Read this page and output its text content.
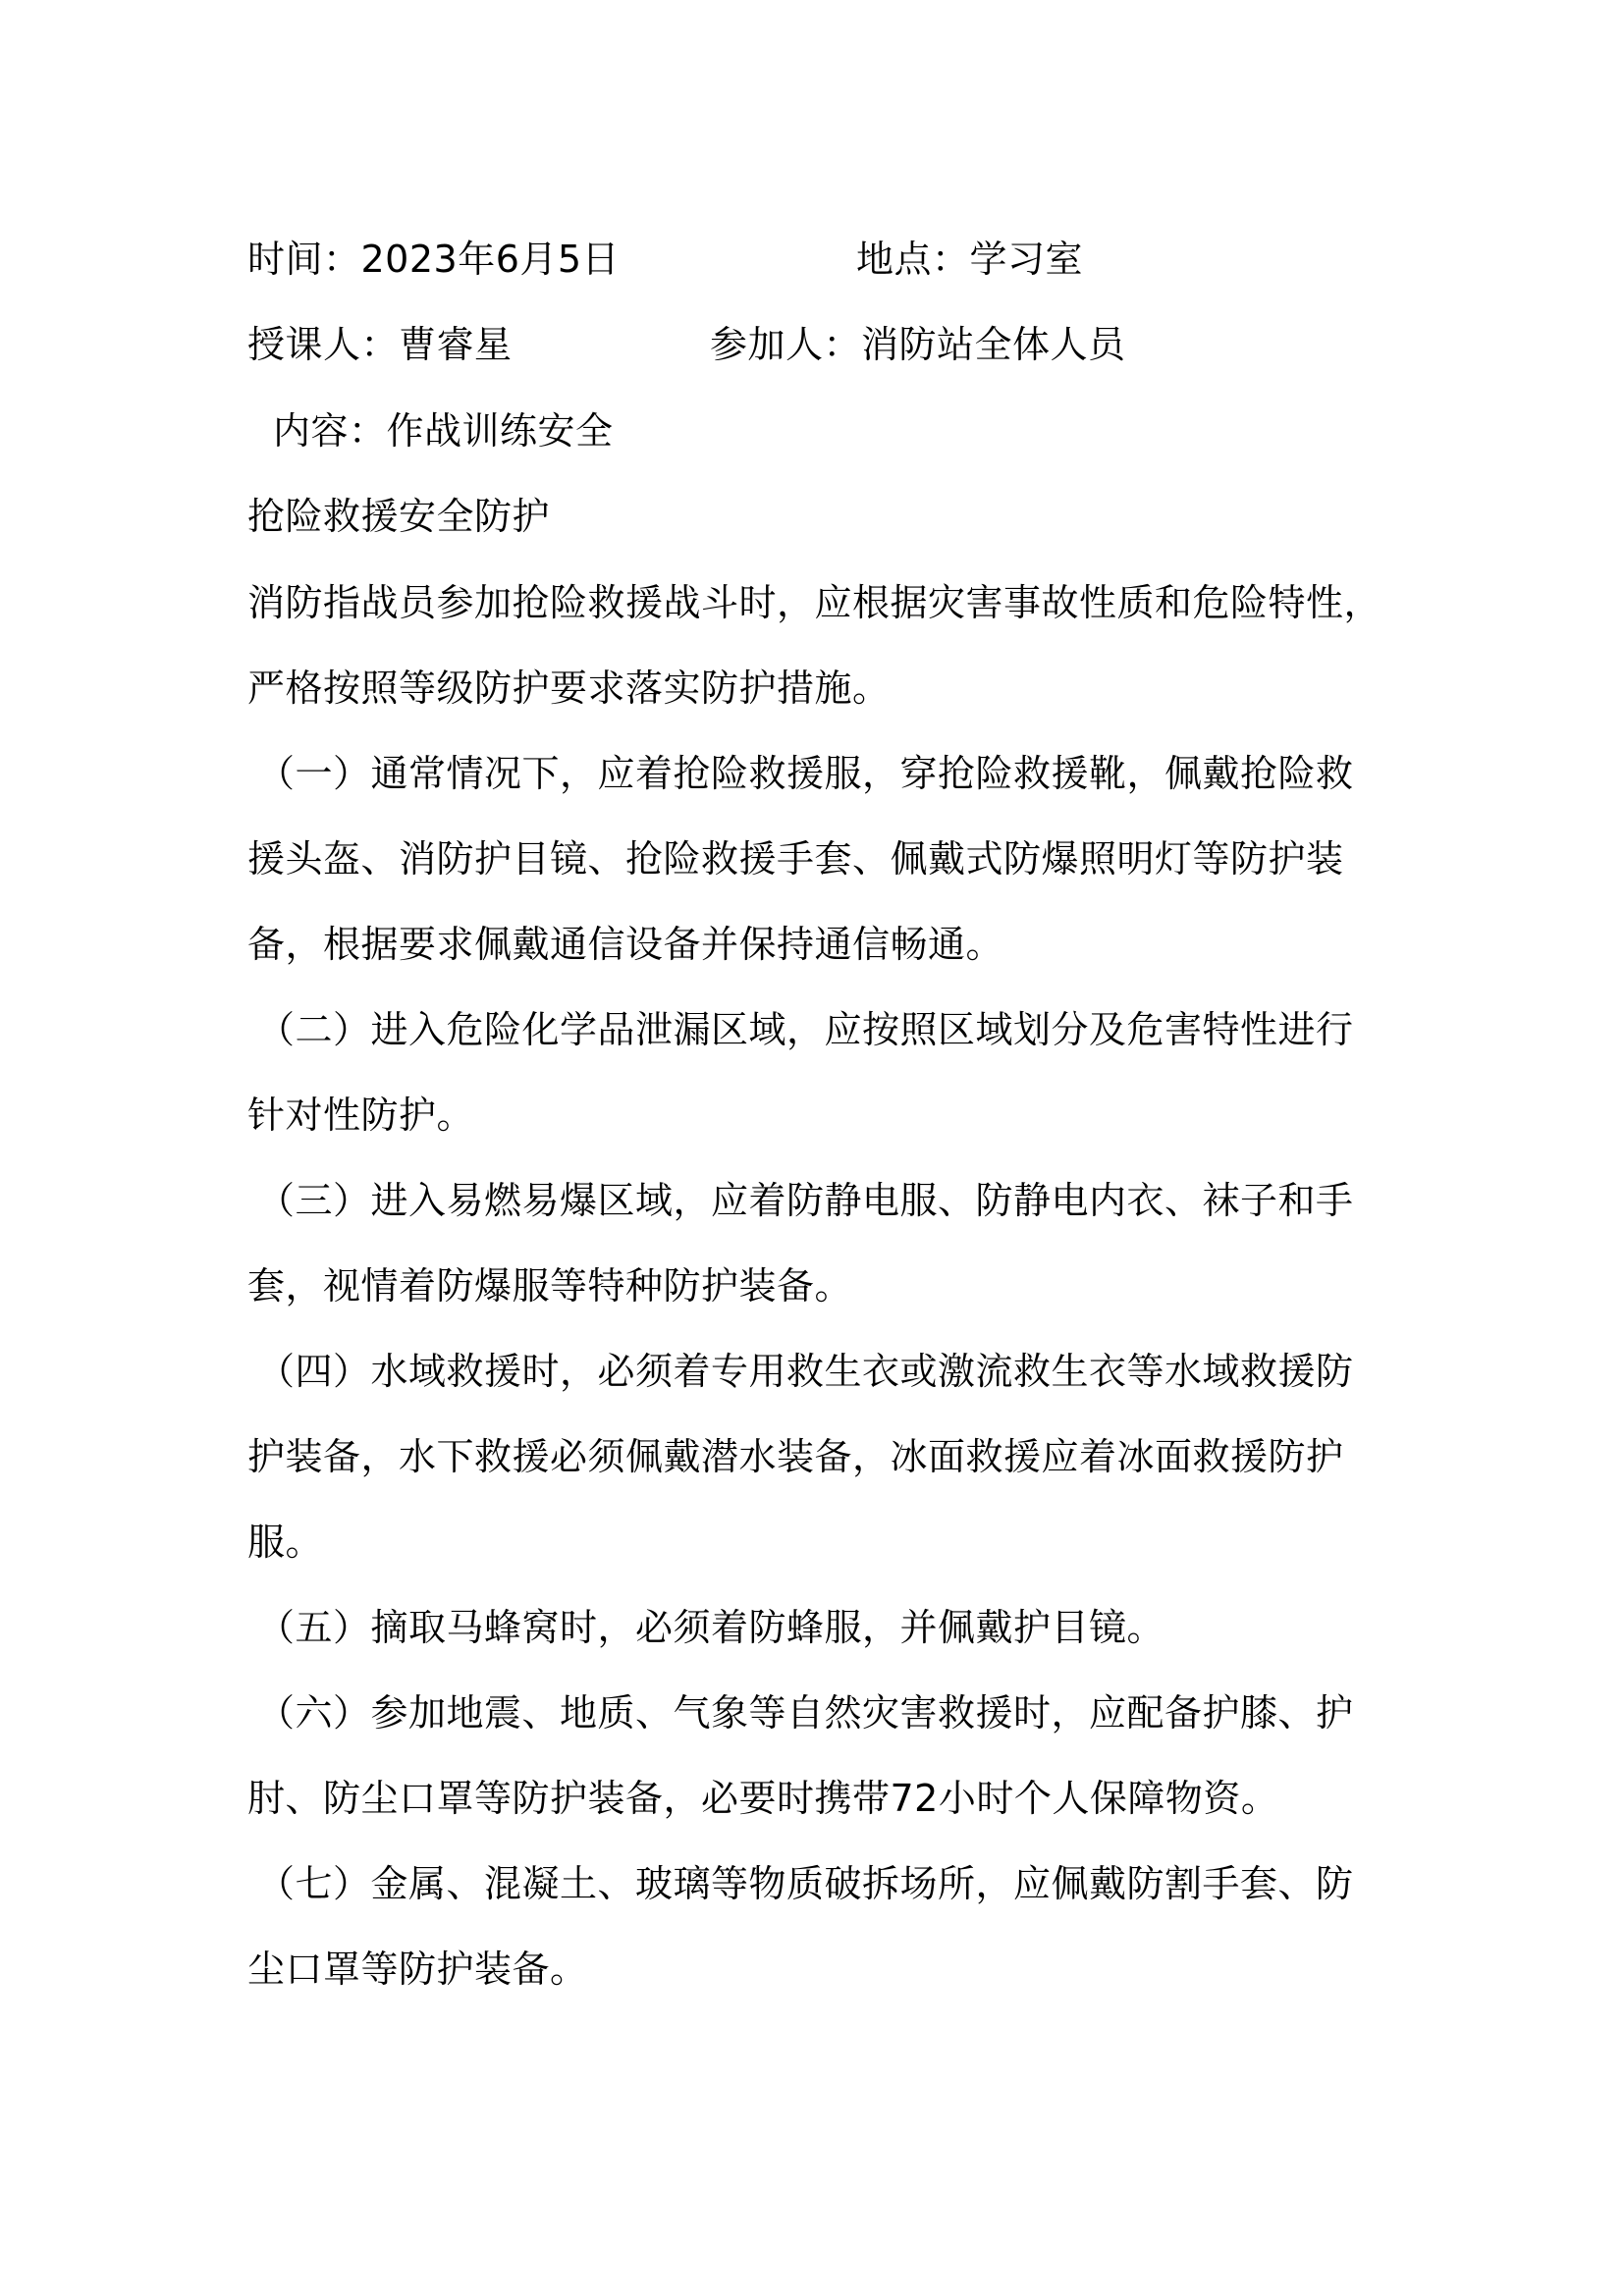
时间：2023年6月5日	地点：学习室
授课人：曹睿星	参加人：消防站全体人员
内容：作战训练安全
抢险救援安全防护
消防指战员参加抢险救援战斗时，应根据灾害事故性质和危险特性，
严格按照等级防护要求落实防护措施。
（一）通常情况下，应着抢险救援服，穿抢险救援靴，佩戴抢险救
援头盔、消防护目镜、抢险救援手套、佩戴式防爆照明灯等防护装
备，根据要求佩戴通信设备并保持通信畅通。
（二）进入危险化学品泄漏区域，应按照区域划分及危害特性进行
针对性防护。
（三）进入易燃易爆区域，应着防静电服、防静电内衣、袜子和手
套，视情着防爆服等特种防护装备。
（四）水域救援时，必须着专用救生衣或激流救生衣等水域救援防
护装备，水下救援必须佩戴潜水装备，冰面救援应着冰面救援防护
服。
（五）摘取马蜂窝时，必须着防蜂服，并佩戴护目镜。
（六）参加地震、地质、气象等自然灾害救援时，应配备护膝、护
肘、防尘口罩等防护装备，必要时携带72小时个人保障物资。
（七）金属、混凝土、玻璃等物质破拆场所，应佩戴防割手套、防
尘口罩等防护装备。
